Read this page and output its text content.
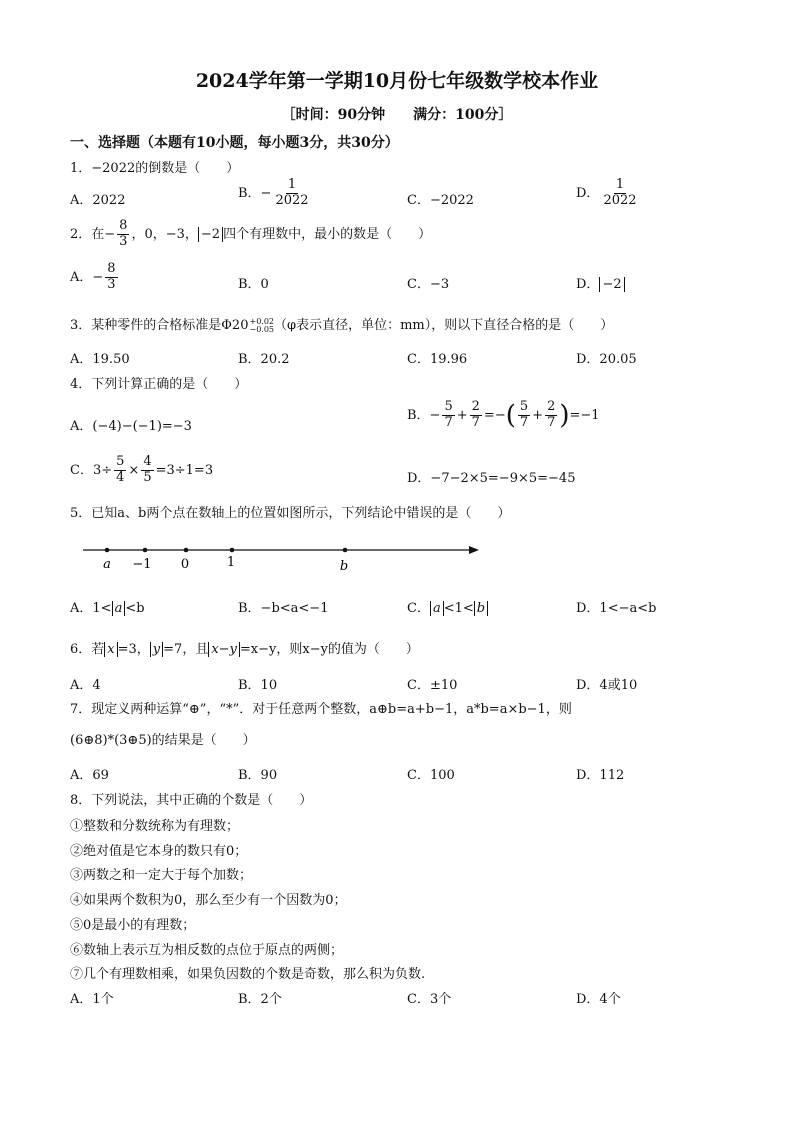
2024学年第一学期10月份七年级数学校本作业
［时间：90分钟　　满分：100分］
一、选择题（本题有10小题，每小题3分，共30分）
1．−2022的倒数是（　　）
A．2022	B．− $\frac{1}{2022}$	C．−2022	D． $\frac{1}{2022}$
2．在− $\frac{8}{3}$ ，0，−3， −2 四个有理数中，最小的数是（　　）
A．− $\frac{8}{3}$	B．0	C．−3	D． −2
3．某种零件的合格标准是Φ20 +0.02
−0.05 （φ表示直径，单位：mm），则以下直径合格的是（　　）
A．19.50	B．20.2	C．19.96	D．20.05
4．下列计算正确的是（　　）
A．(−4)−(−1)=−3
B．− $\frac{5}{7} + \frac{2}{7}$ =−( $\frac{5}{7} + \frac{2}{7} )=-1$
C．$3\div \frac{5}{4} \times \frac{4}{5} =3\div 1=3$
D．−7−2×5=−9×5=−45
5．已知a、b两个点在数轴上的位置如图所示，下列结论中错误的是（　　）
a −1 0	1	b
A．1< a <b	B．−b<a<−1	C． a <1< b	D．1<−a<b
6．若 x =3， y =7，且 x−y =x−y，则x−y的值为（　　）
A．4	B．10	C．±10	D．4或10
7．现定义两种运算“⊕”，“*”．对于任意两个整数，a⊕b=a+b−1，a*b=a×b−1，则
(6⊕8)*(3⊕5)的结果是（　　）
A．69	B．90	C．100	D．112
8．下列说法，其中正确的个数是（　　）
①整数和分数统称为有理数；
②绝对值是它本身的数只有0；
③两数之和一定大于每个加数；
④如果两个数积为0，那么至少有一个因数为0；
⑤0是最小的有理数；
⑥数轴上表示互为相反数的点位于原点的两侧；
⑦几个有理数相乘，如果负因数的个数是奇数，那么积为负数.
A．1个	B．2个	C．3个	D．4个
